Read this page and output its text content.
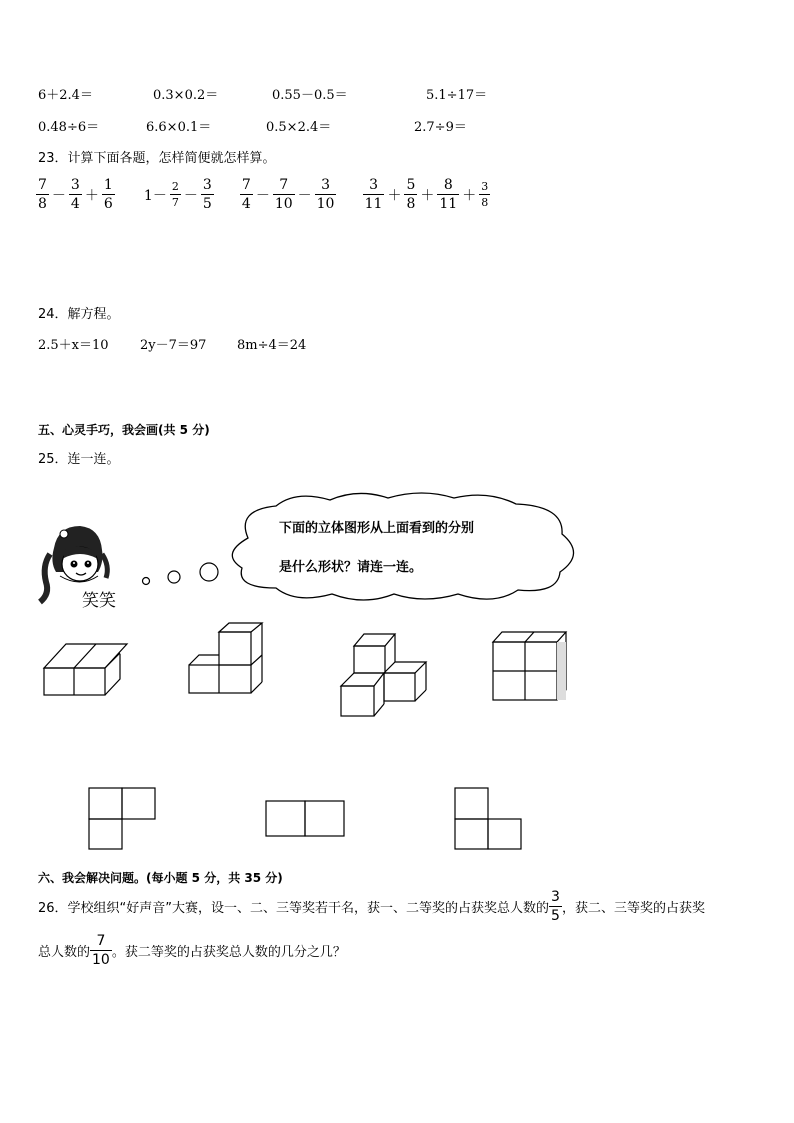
6＋2.4＝	0.3×0.2＝	0.55－0.5＝	5.1÷17＝
0.48÷6＝	6.6×0.1＝	0.5×2.4＝	2.7÷9＝
23．计算下面各题，怎样简便就怎样算。
$\frac{7}{8} - \frac{3}{4} + \frac{1}{6} 1- \frac{2}{7} - \frac{3}{5}$
$\frac{7}{4} - \frac{7}{10} - \frac{3}{10}$
$\frac{3}{11} + \frac{5}{8} + \frac{8}{11} + \frac{3}{8}$
24．解方程。
2.5＋x＝10 2y－7＝97 8m÷4＝24
五、心灵手巧，我会画(共 5 分)
25．连一连。
笑笑
下面的立体图形从上面看到的分别
是什么形状？请连一连。
六、我会解决问题。(每小题 5 分，共 35 分)
26．学校组织“好声音”大赛，设一、二、三等奖若干名，获一、二等奖的占获奖总人数的 $\frac{3}{5}$ ，获二、三等奖的占获奖
总人数的 $\frac{7}{10}$ 。获二等奖的占获奖总人数的几分之几？
